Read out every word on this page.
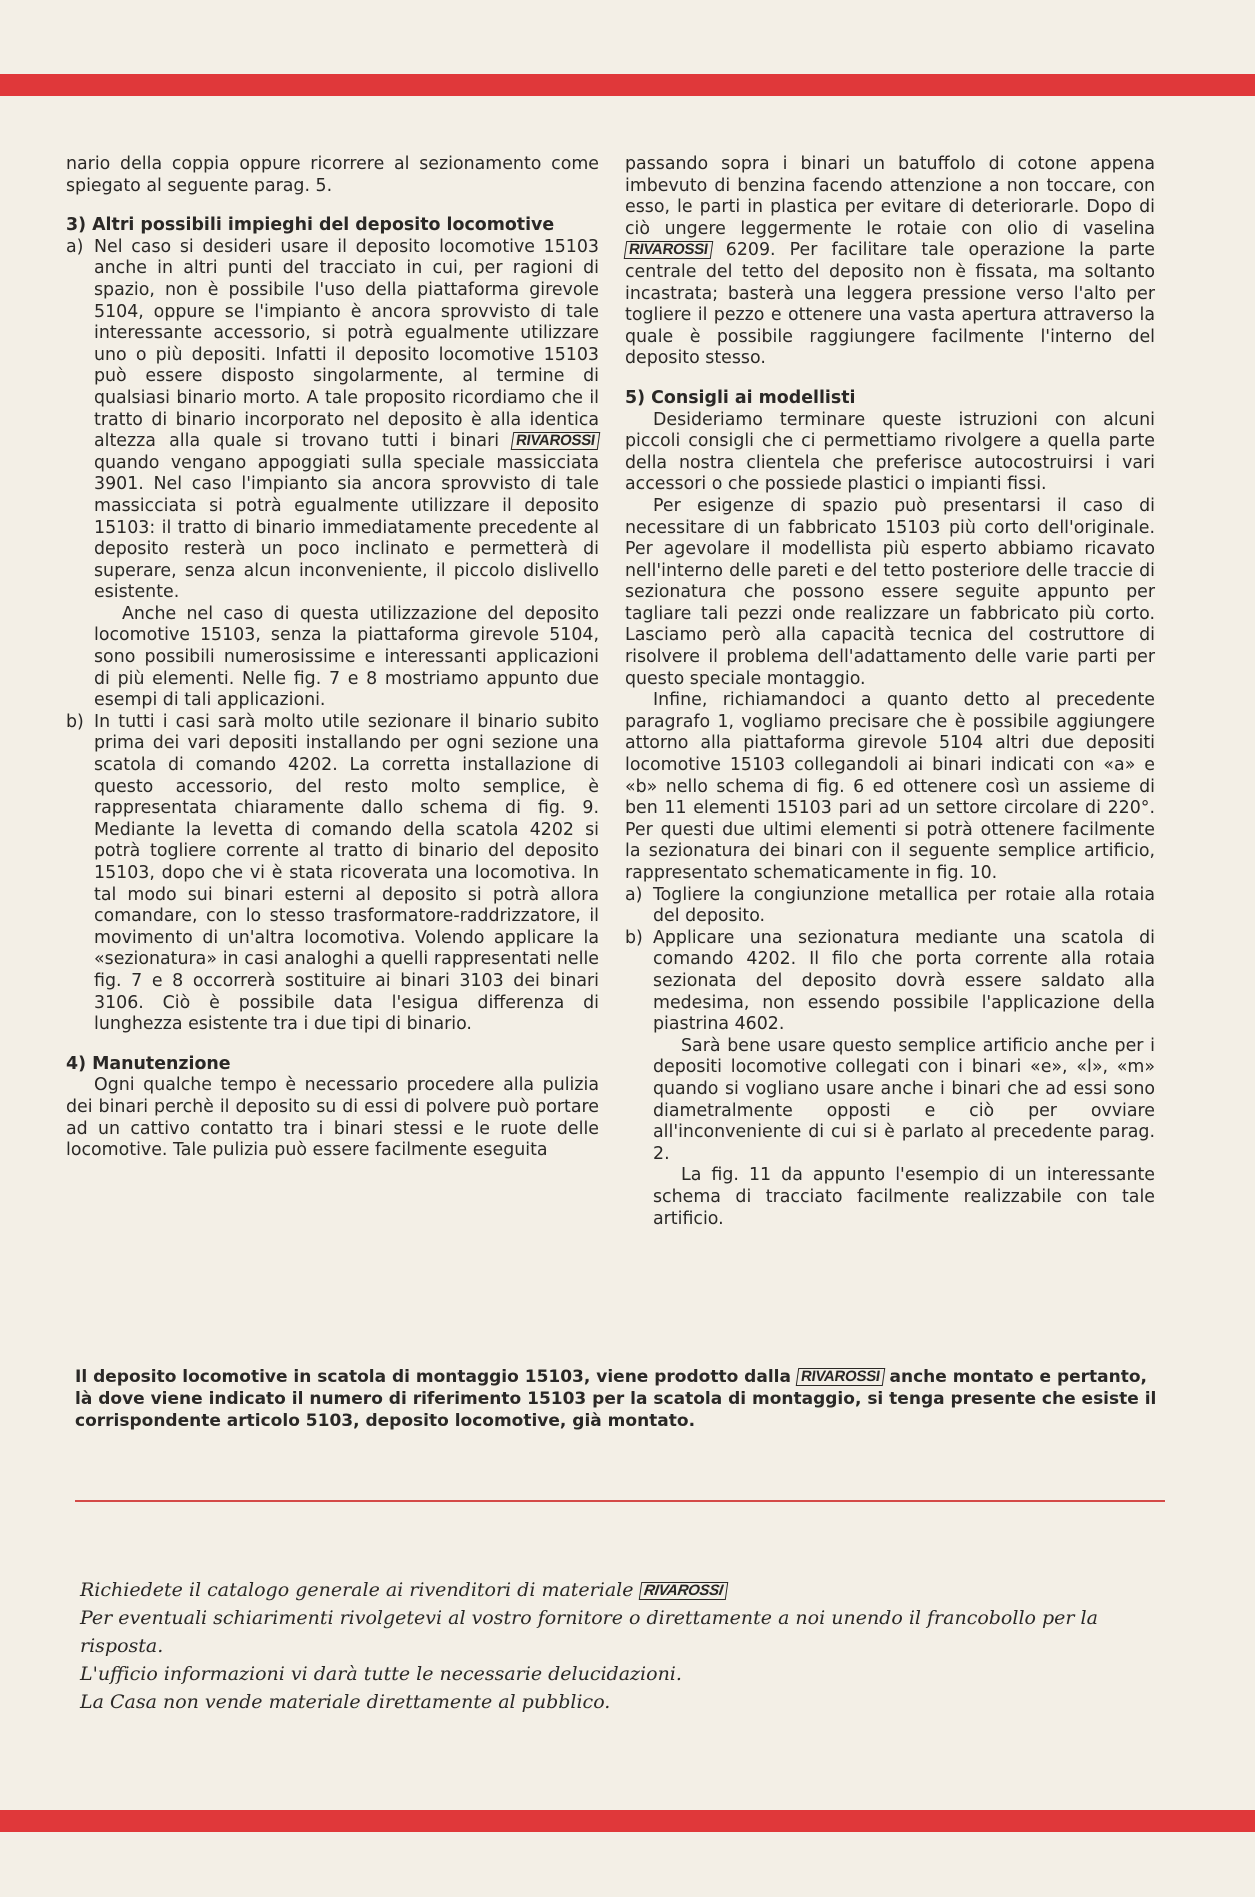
nario della coppia oppure ricorrere al sezionamento come spiegato al seguente parag. 5.

3) Altri possibili impieghi del deposito locomotive

a) Nel caso si desideri usare il deposito locomotive 15103 anche in altri punti del tracciato in cui, per ragioni di spazio, non è possibile l'uso della piattaforma girevole 5104, oppure se l'impianto è ancora sprovvisto di tale interessante accessorio, si potrà egualmente utilizzare uno o più depositi. Infatti il deposito locomotive 15103 può essere disposto singolarmente, al termine di qualsiasi binario morto. A tale proposito ricordiamo che il tratto di binario incorporato nel deposito è alla identica altezza alla quale si trovano tutti i binari RIVAROSSI quando vengano appoggiati sulla speciale massicciata 3901. Nel caso l'impianto sia ancora sprovvisto di tale massicciata si potrà egualmente utilizzare il deposito 15103: il tratto di binario immediatamente precedente al deposito resterà un poco inclinato e permetterà di superare, senza alcun inconveniente, il piccolo dislivello esistente.

Anche nel caso di questa utilizzazione del deposito locomotive 15103, senza la piattaforma girevole 5104, sono possibili numerosissime e interessanti applicazioni di più elementi. Nelle fig. 7 e 8 mostriamo appunto due esempi di tali applicazioni.

b) In tutti i casi sarà molto utile sezionare il binario subito prima dei vari depositi installando per ogni sezione una scatola di comando 4202. La corretta installazione di questo accessorio, del resto molto semplice, è rappresentata chiaramente dallo schema di fig. 9. Mediante la levetta di comando della scatola 4202 si potrà togliere corrente al tratto di binario del deposito 15103, dopo che vi è stata ricoverata una locomotiva. In tal modo sui binari esterni al deposito si potrà allora comandare, con lo stesso trasformatore-raddrizzatore, il movimento di un'altra locomotiva. Volendo applicare la «sezionatura» in casi analoghi a quelli rappresentati nelle fig. 7 e 8 occorrerà sostituire ai binari 3103 dei binari 3106. Ciò è possibile data l'esigua differenza di lunghezza esistente tra i due tipi di binario.

4) Manutenzione

Ogni qualche tempo è necessario procedere alla pulizia dei binari perchè il deposito su di essi di polvere può portare ad un cattivo contatto tra i binari stessi e le ruote delle locomotive. Tale pulizia può essere facilmente eseguita

passando sopra i binari un batuffolo di cotone appena imbevuto di benzina facendo attenzione a non toccare, con esso, le parti in plastica per evitare di deteriorarle. Dopo di ciò ungere leggermente le rotaie con olio di vaselina RIVAROSSI 6209. Per facilitare tale operazione la parte centrale del tetto del deposito non è fissata, ma soltanto incastrata; basterà una leggera pressione verso l'alto per togliere il pezzo e ottenere una vasta apertura attraverso la quale è possibile raggiungere facilmente l'interno del deposito stesso.

5) Consigli ai modellisti

Desideriamo terminare queste istruzioni con alcuni piccoli consigli che ci permettiamo rivolgere a quella parte della nostra clientela che preferisce autocostruirsi i vari accessori o che possiede plastici o impianti fissi.

Per esigenze di spazio può presentarsi il caso di necessitare di un fabbricato 15103 più corto dell'originale. Per agevolare il modellista più esperto abbiamo ricavato nell'interno delle pareti e del tetto posteriore delle traccie di sezionatura che possono essere seguite appunto per tagliare tali pezzi onde realizzare un fabbricato più corto. Lasciamo però alla capacità tecnica del costruttore di risolvere il problema dell'adattamento delle varie parti per questo speciale montaggio.

Infine, richiamandoci a quanto detto al precedente paragrafo 1, vogliamo precisare che è possibile aggiungere attorno alla piattaforma girevole 5104 altri due depositi locomotive 15103 collegandoli ai binari indicati con «a» e «b» nello schema di fig. 6 ed ottenere così un assieme di ben 11 elementi 15103 pari ad un settore circolare di 220°. Per questi due ultimi elementi si potrà ottenere facilmente la sezionatura dei binari con il seguente semplice artificio, rappresentato schematicamente in fig. 10.

a) Togliere la congiunzione metallica per rotaie alla rotaia del deposito.

b) Applicare una sezionatura mediante una scatola di comando 4202. Il filo che porta corrente alla rotaia sezionata del deposito dovrà essere saldato alla medesima, non essendo possibile l'applicazione della piastrina 4602.

Sarà bene usare questo semplice artificio anche per i depositi locomotive collegati con i binari «e», «l», «m» quando si vogliano usare anche i binari che ad essi sono diametralmente opposti e ciò per ovviare all'inconveniente di cui si è parlato al precedente parag. 2.

La fig. 11 da appunto l'esempio di un interessante schema di tracciato facilmente realizzabile con tale artificio.

Il deposito locomotive in scatola di montaggio 15103, viene prodotto dalla RIVAROSSI anche montato e pertanto, là dove viene indicato il numero di riferimento 15103 per la scatola di montaggio, si tenga presente che esiste il corrispondente articolo 5103, deposito locomotive, già montato.

Richiedete il catalogo generale ai rivenditori di materiale RIVAROSSI

Per eventuali schiarimenti rivolgetevi al vostro fornitore o direttamente a noi unendo il francobollo per la risposta.

L'ufficio informazioni vi darà tutte le necessarie delucidazioni.

La Casa non vende materiale direttamente al pubblico.
